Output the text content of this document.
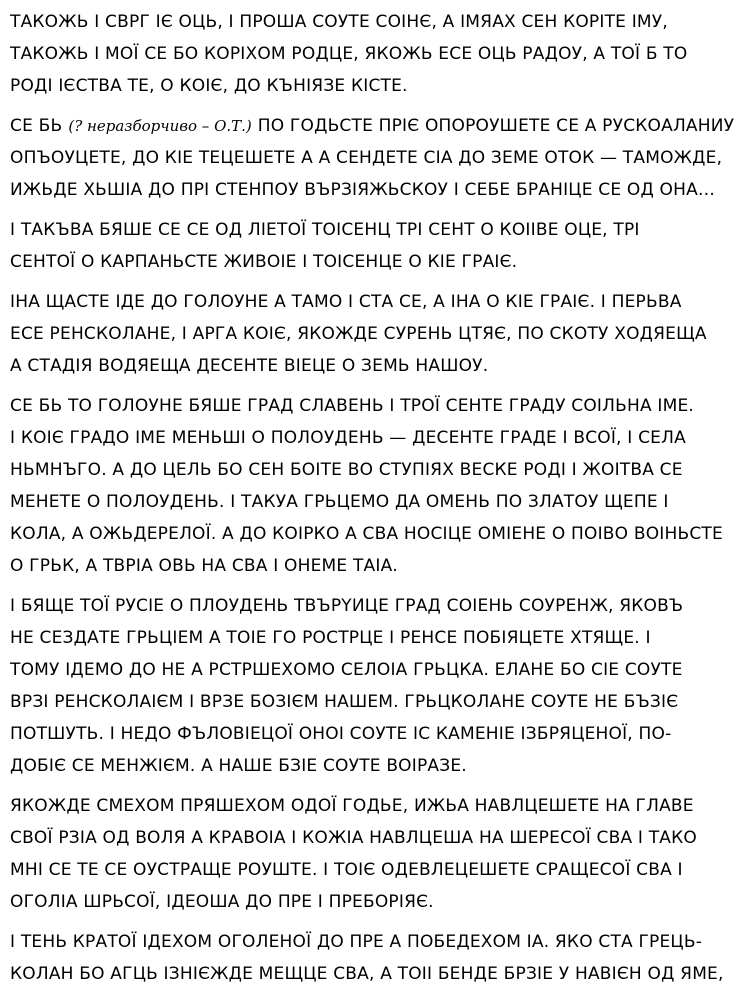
ТАКОЖЬ І СВРГ ІЄ ОЦЬ, І ПРОША СОУТЕ СОІНЄ, А ІМЯАХ СЕН КОРІТЕ ІМУ,
ТАКОЖЬ І МОЇ СЕ БО КОРIХОМ РОДЦЕ, ЯКОЖЬ ЕСЕ ОЦЬ РАДОУ, А ТОЇ Б ТО
РОДІ ІЄСТВА ТЕ, О КОІЄ, ДО КЪНІЯЗЕ КІСТЕ.
СЕ БЬ (? неразборчиво – О.Т.) ПО ГОДЬСТЕ ПРІЄ ОПОРОУШЕТЕ СЕ А РУСКОАЛАНИУ
ОПЪОУЦЕТЕ, ДО КІЕ ТЕЦЕШЕТЕ А А СЕНДЕТЕ СІА ДО ЗЕМЕ ОТОК — ТАМОЖДЕ,
ИЖЬДЕ ХЬШІА ДО ПРІ СТЕНПОУ ВЪРЗІЯЖЬСКОУ І СЕБЕ БРАНІЦЕ СЕ ОД ОНА…
І ТАКЪВА БЯШЕ СЕ СЕ ОД ЛІЕТОЇ ТОІСЕНЦ ТРІ СЕНТ О КОІІВЕ ОЦЕ, ТРІ
СЕНТОЇ О КАРПАНЬСТЕ ЖИВОІЕ І ТОІСЕНЦЕ О КІЕ ГРАІЄ.
ІНА ЩАСТЕ ІДЕ ДО ГОЛОУНЕ А ТАМО І СТА СЕ, А ІНА О КІЕ ГРАІЄ. І ПЕРЬВА
ЕСЕ РЕНСКОЛАНЕ, І АРГА КОІЄ, ЯКОЖДЕ СУРЕНЬ ЦТЯЄ, ПО СКОТУ ХОДЯЕЩА
А СТАДІЯ ВОДЯЕЩА ДЕСЕНТЕ ВІЕЦЕ О ЗЕМЬ НАШОУ.
СЕ БЬ ТО ГОЛОУНЕ БЯШЕ ГРАД СЛАВЕНЬ І ТРОЇ СЕНТЕ ГРАДУ СОІЛЬНА ІМЕ.
І КОІЄ ГРАДО ІМЕ МЕНЬШІ О ПОЛОУДЕНЬ — ДЕСЕНТЕ ГРАДЕ І ВСОЇ, І СЕЛА
НЬМНЪГО. А ДО ЦЕЛЬ БО СЕН БОІТЕ ВО СТУПІЯХ ВЕСКЕ РОДІ І ЖОІТВА СЕ
МЕНЕТЕ О ПОЛОУДЕНЬ. І ТАКУА ГРЬЦЕМО ДА ОМЕНЬ ПО ЗЛАТОУ ЩЕПЕ І
КОЛА, А ОЖЬДЕРЕЛОЇ. А ДО КОІРКО А СВА НОСІЦЕ ОМІЕНЕ О ПОІВО ВОІНЬСТЕ
О ГРЬК, А ТВРІА ОВЬ НА СВА І ОНЕМЕ ТАІА.
І БЯЩЕ ТОЇ РУСІЕ О ПЛОУДЕНЬ ТВЪРYИЦЕ ГРАД СОІЕНЬ СОУРЕНЖ, ЯКОВЪ
НЕ СЕЗДАТЕ ГРЬЦІЕМ А ТОІЕ ГО РОСТРЦЕ І РЕНСЕ ПОБІЯЦЕТЕ ХТЯЩЕ. І
ТОМУ ІДЕМО ДО НЕ А РСТРШЕХОМО СЕЛОІА ГРЬЦКА. ЕЛАНЕ БО СІЕ СОУТЕ
ВРЗІ РЕНСКОЛАІЄМ І ВРЗЕ БОЗІЄМ НАШЕМ. ГРЬЦКОЛАНЕ СОУТЕ НЕ БЪЗІЄ
ПОТШУТЬ. І НЕДО ФЪЛОВІЕЦОЇ ОНОІ СОУТЕ ІС КАМЕНІЕ ІЗБРЯЦЕНОЇ, ПО-
ДОБІЄ СЕ МЕНЖІЄМ. А НАШЕ БЗІЕ СОУТЕ ВОІРАЗЕ.
ЯКОЖДЕ СМЕХОМ ПРЯШЕХОМ ОДОЇ ГОДЬЕ, ИЖЬА НАВЛЦЕШЕТЕ НА ГЛАВЕ
СВОЇ РЗІА ОД ВОЛЯ А КРАВОІА І КОЖІА НАВЛЦЕША НА ШЕРЕСОЇ СВА І ТАКО
МНІ СЕ ТЕ СЕ ОУСТРАЩЕ РОУШТЕ. І ТОІЄ ОДЕВЛЕЦЕШЕТЕ СРАЩЕСОЇ СВА І
ОГОЛІА ШРЬСОЇ, ІДЕОША ДО ПРЕ І ПРЕБОРІЯЄ.
І ТЕНЬ КРАТОЇ ІДЕХОМ ОГОЛЕНОЇ ДО ПРЕ А ПОБЕДЕХОМ ІА. ЯКО СТА ГРЕЦЬ-
КОЛАН БО АГЦЬ ІЗНІЄЖДЕ МЕЩЦЕ СВА, А ТОІІ БЕНДЕ БРЗІЕ У НАВІЄН ОД ЯМЕ,
